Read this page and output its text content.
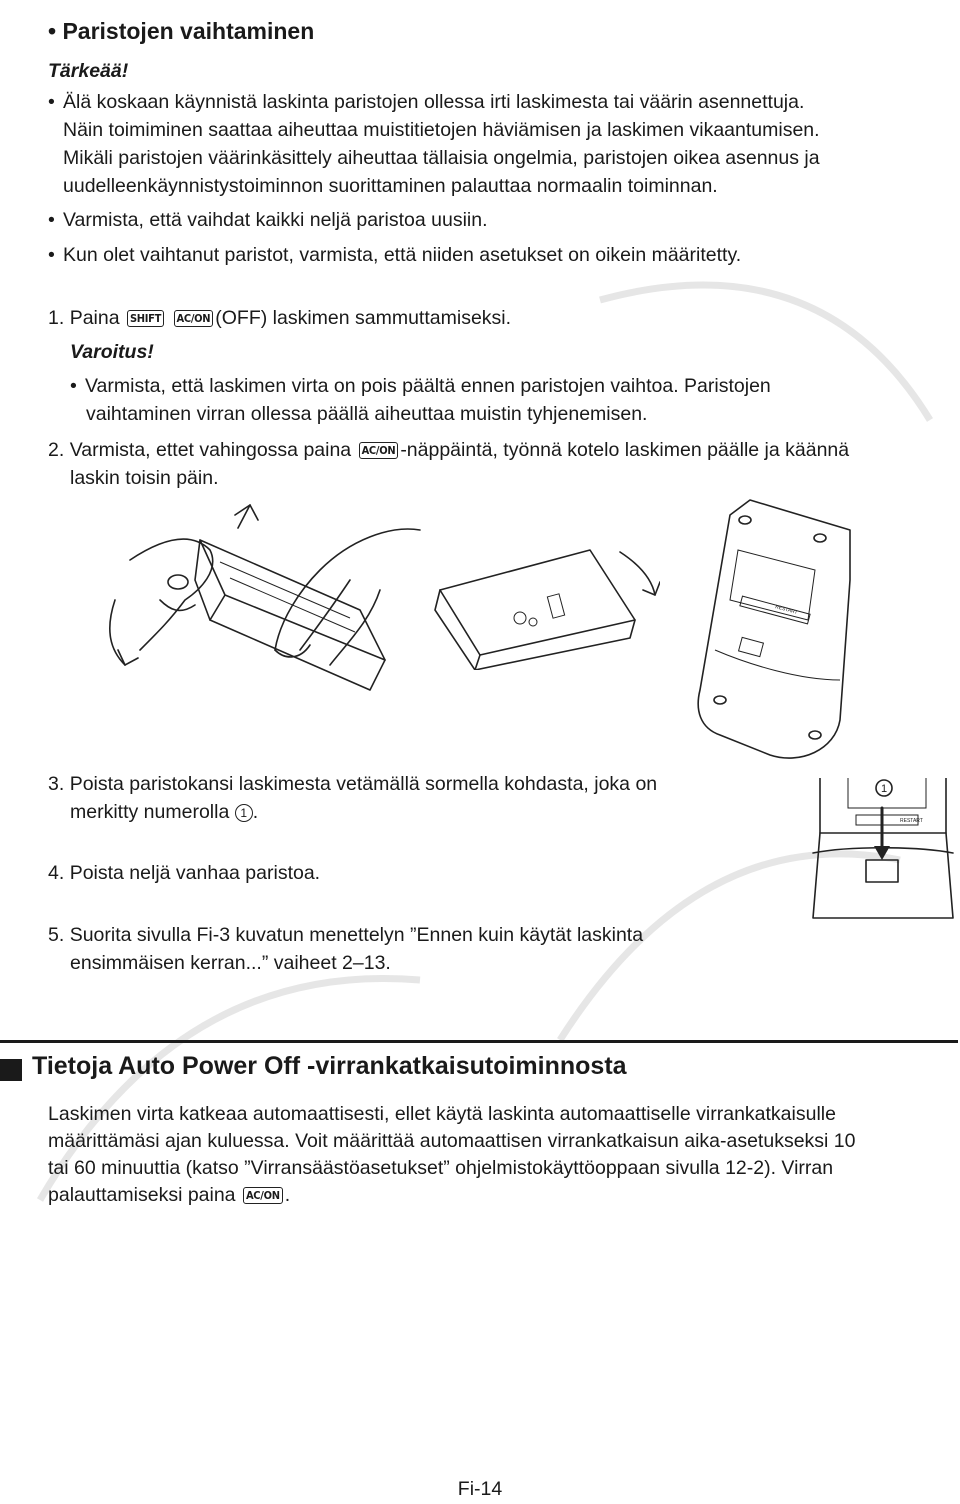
• Paristojen vaihtaminen
Tärkeää!
• Älä koskaan käynnistä laskinta paristojen ollessa irti laskimesta tai väärin asennettuja.
Näin toimiminen saattaa aiheuttaa muistitietojen häviämisen ja laskimen vikaantumisen.
Mikäli paristojen väärinkäsittely aiheuttaa tällaisia ongelmia, paristojen oikea asennus ja
uudelleenkäynnistystoiminnon suorittaminen palauttaa normaalin toiminnan.
• Varmista, että vaihdat kaikki neljä paristoa uusiin.
• Kun olet vaihtanut paristot, varmista, että niiden asetukset on oikein määritetty.
1. Paina SHIFT AC/ON (OFF) laskimen sammuttamiseksi.
Varoitus!
• Varmista, että laskimen virta on pois päältä ennen paristojen vaihtoa. Paristojen
vaihtaminen virran ollessa päällä aiheuttaa muistin tyhjenemisen.
2. Varmista, ettet vahingossa paina AC/ON -näppäintä, työnnä kotelo laskimen päälle ja käännä
laskin toisin päin.
RESTART
3. Poista paristokansi laskimesta vetämällä sormella kohdasta, joka on
merkitty numerolla 1 .	RESTART
1
4. Poista neljä vanhaa paristoa.
5. Suorita sivulla Fi-3 kuvatun menettelyn ”Ennen kuin käytät laskinta
ensimmäisen kerran...” vaiheet 2–13.
Tietoja Auto Power Off -virrankatkaisutoiminnosta
Laskimen virta katkeaa automaattisesti, ellet käytä laskinta automaattiselle virrankatkaisulle
määrittämäsi ajan kuluessa. Voit määrittää automaattisen virrankatkaisun aika-asetukseksi 10
tai 60 minuuttia (katso ”Virransäästöasetukset” ohjelmistokäyttöoppaan sivulla 12-2). Virran
palauttamiseksi paina AC/ON .
Fi-14
